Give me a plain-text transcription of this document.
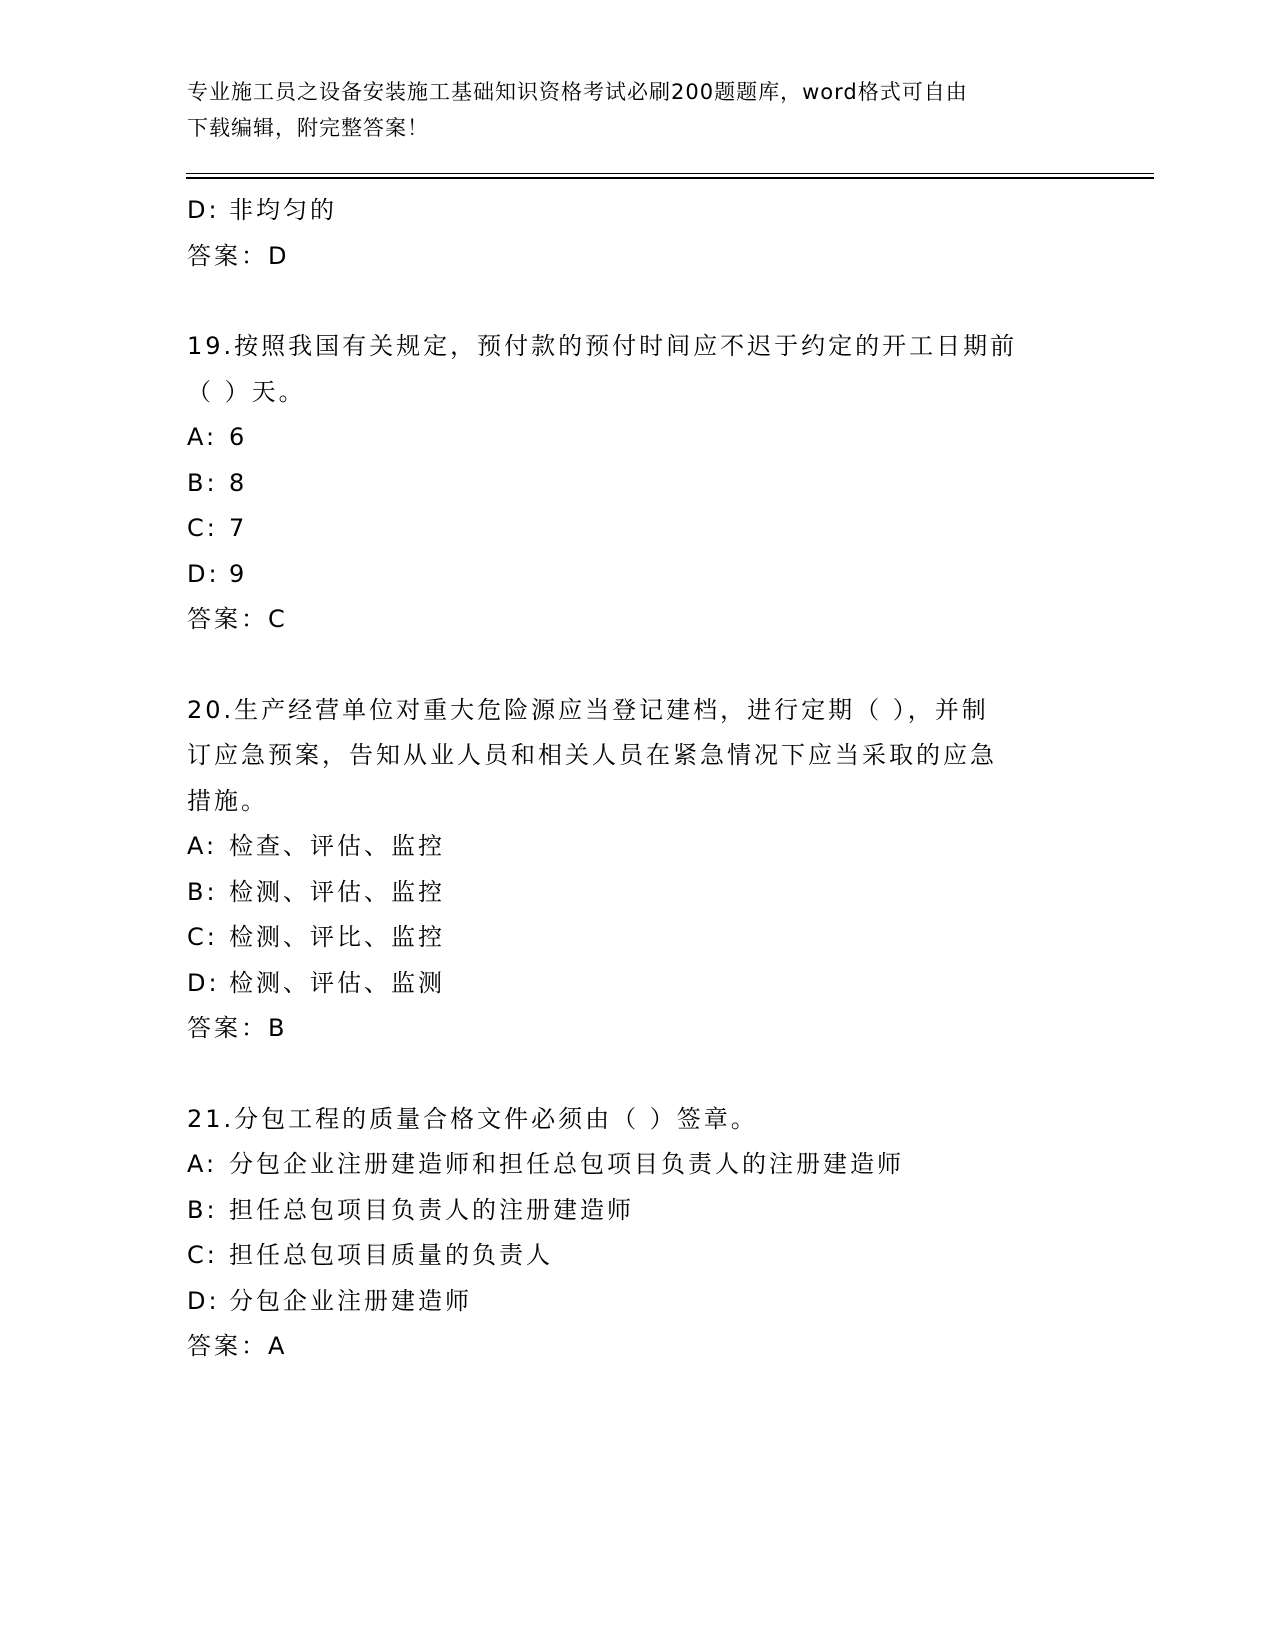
专业施工员之设备安装施工基础知识资格考试必刷200题题库，word格式可自由
下载编辑，附完整答案！
D: 非均匀的
答案：D
19.按照我国有关规定，预付款的预付时间应不迟于约定的开工日期前
（ ）天。
A: 6
B: 8
C: 7
D: 9
答案：C
20.生产经营单位对重大危险源应当登记建档，进行定期（ ），并制
订应急预案，告知从业人员和相关人员在紧急情况下应当采取的应急
措施。
A: 检查、评估、监控
B: 检测、评估、监控
C: 检测、评比、监控
D: 检测、评估、监测
答案：B
21.分包工程的质量合格文件必须由（ ）签章。
A: 分包企业注册建造师和担任总包项目负责人的注册建造师
B: 担任总包项目负责人的注册建造师
C: 担任总包项目质量的负责人
D: 分包企业注册建造师
答案：A
